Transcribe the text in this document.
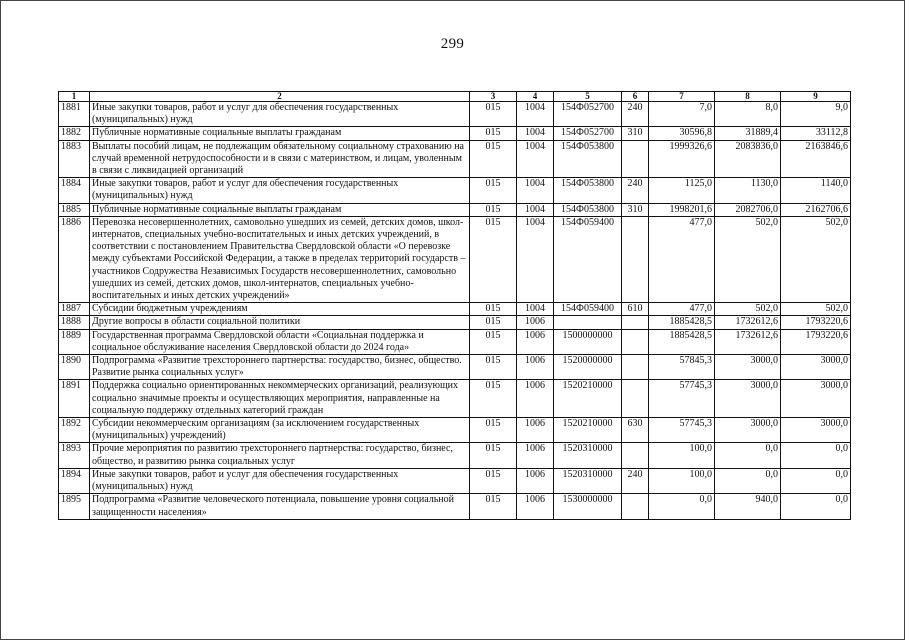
299
1	2	3	4	5	6	7	8	9
1881	Иные закупки товаров, работ и услуг для обеспечения государственных (муниципальных) нужд	015	1004	154Ф052700	240	7,0	8,0	9,0
1882	Публичные нормативные социальные выплаты гражданам	015	1004	154Ф052700	310	30596,8	31889,4	33112,8
1883	Выплаты пособий лицам, не подлежащим обязательному социальному страхованию на случай временной нетрудоспособности и в связи с материнством, и лицам, уволенным в связи с ликвидацией организаций	015	1004	154Ф053800		1999326,6	2083836,0	2163846,6
1884	Иные закупки товаров, работ и услуг для обеспечения государственных (муниципальных) нужд	015	1004	154Ф053800	240	1125,0	1130,0	1140,0
1885	Публичные нормативные социальные выплаты гражданам	015	1004	154Ф053800	310	1998201,6	2082706,0	2162706,6
1886	Перевозка несовершеннолетних, самовольно ушедших из семей, детских домов, школ-интернатов, специальных учебно-воспитательных и иных детских учреждений, в соответствии с постановлением Правительства Свердловской области «О перевозке между субъектами Российской Федерации, а также в пределах территорий государств – участников Содружества Независимых Государств несовершеннолетних, самовольно ушедших из семей, детских домов, школ-интернатов, специальных учебно-воспитательных и иных детских учреждений»	015	1004	154Ф059400		477,0	502,0	502,0
1887	Субсидии бюджетным учреждениям	015	1004	154Ф059400	610	477,0	502,0	502,0
1888	Другие вопросы в области социальной политики	015	1006			1885428,5	1732612,6	1793220,6
1889	Государственная программа Свердловской области «Социальная поддержка и социальное обслуживание населения Свердловской области до 2024 года»	015	1006	1500000000		1885428,5	1732612,6	1793220,6
1890	Подпрограмма «Развитие трехстороннего партнерства: государство, бизнес, общество. Развитие рынка социальных услуг»	015	1006	1520000000		57845,3	3000,0	3000,0
1891	Поддержка социально ориентированных некоммерческих организаций, реализующих социально значимые проекты и осуществляющих мероприятия, направленные на социальную поддержку отдельных категорий граждан	015	1006	1520210000		57745,3	3000,0	3000,0
1892	Субсидии некоммерческим организациям (за исключением государственных (муниципальных) учреждений)	015	1006	1520210000	630	57745,3	3000,0	3000,0
1893	Прочие мероприятия по развитию трехстороннего партнерства: государство, бизнес, общество, и развитию рынка социальных услуг	015	1006	1520310000		100,0	0,0	0,0
1894	Иные закупки товаров, работ и услуг для обеспечения государственных (муниципальных) нужд	015	1006	1520310000	240	100,0	0,0	0,0
1895	Подпрограмма «Развитие человеческого потенциала, повышение уровня социальной защищенности населения»	015	1006	1530000000		0,0	940,0	0,0
